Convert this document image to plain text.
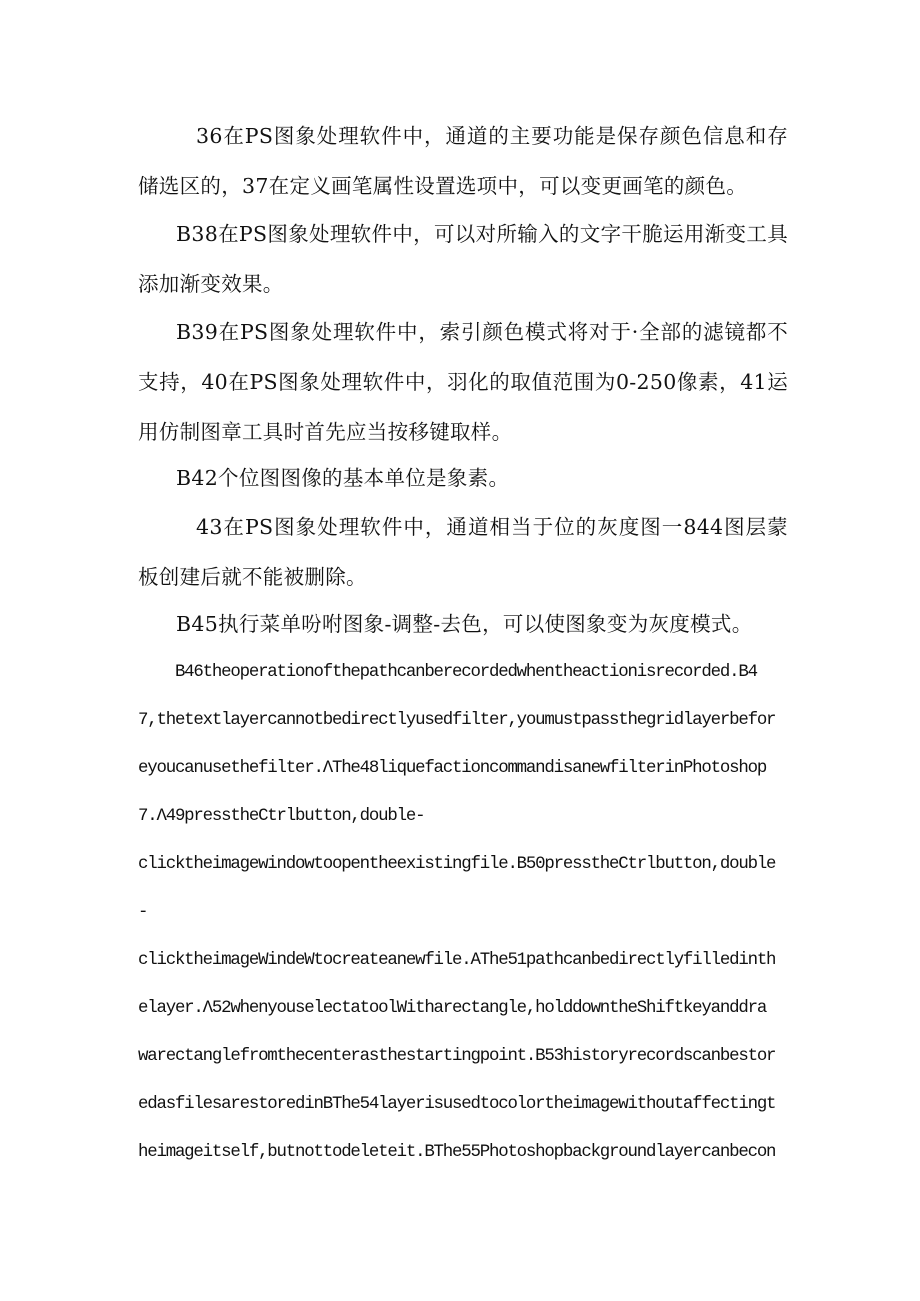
36在PS图象处理软件中，通道的主要功能是保存颜色信息和存储选区的，37在定义画笔属性设置选项中，可以变更画笔的颜色。

B38在PS图象处理软件中，可以对所输入的文字干脆运用渐变工具添加渐变效果。

B39在PS图象处理软件中，索引颜色模式将对于·全部的滤镜都不支持，40在PS图象处理软件中，羽化的取值范围为0-250像素，41运用仿制图章工具时首先应当按移键取样。

B42个位图图像的基本单位是象素。

43在PS图象处理软件中，通道相当于位的灰度图一844图层蒙板创建后就不能被删除。

B45执行菜单吩咐图象-调整-去色，可以使图象变为灰度模式。

B46theoperationofthepathcanberecordedwhentheactionisrecorded.B4
7,thetextlayercannotbedirectlyusedfilter,youmustpassthegridlayerbefor
eyoucanusethefilter.ΛThe48liquefactioncommandisanewfilterinPhotoshop
7.Λ49presstheCtrlbutton,double-
clicktheimagewindowtoopentheexistingfile.B50presstheCtrlbutton,double
-
clicktheimageWindeWtocreateanewfile.AThe51pathcanbedirectlyfilledinth
elayer.Λ52whenyouselectatoolWitharectangle,holddowntheShiftkeyanddra
warectanglefromthecenterasthestartingpoint.B53historyrecordscanbestor
edasfilesarestoredinBThe54layerisusedtocolortheimagewithoutaffectingt
heimageitself,butnottodeleteit.BThe55Photoshopbackgroundlayercanbecon
